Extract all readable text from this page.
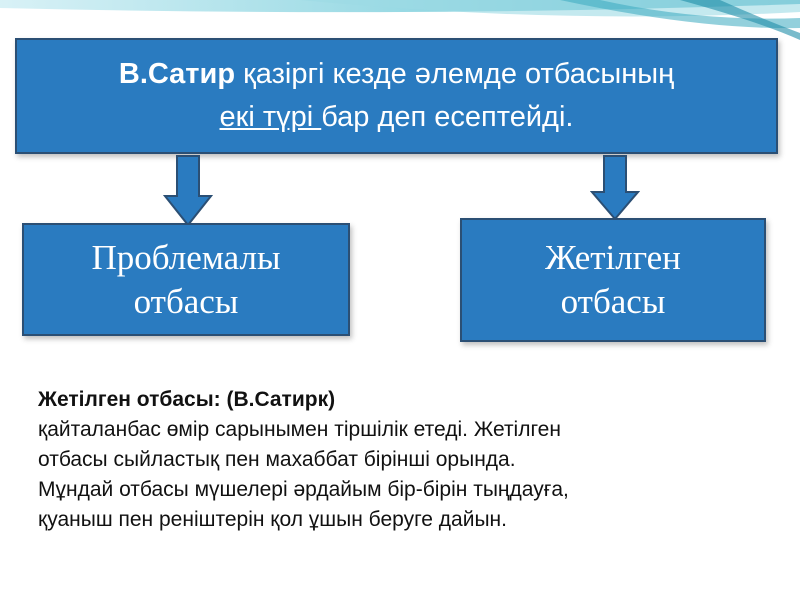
В.Сатир қазіргі кезде әлемде отбасының
екі түрі бар деп есептейді.
Проблемалы
отбасы
Жетілген
отбасы
Жетілген отбасы: (В.Сатирк)
қайталанбас өмір сарынымен тіршілік етеді. Жетілген
отбасы сыйластық пен махаббат бірінші орында.
Мұндай отбасы мүшелері әрдайым бір-бірін тыңдауға,
қуаныш пен реніштерін қол ұшын беруге дайын.
